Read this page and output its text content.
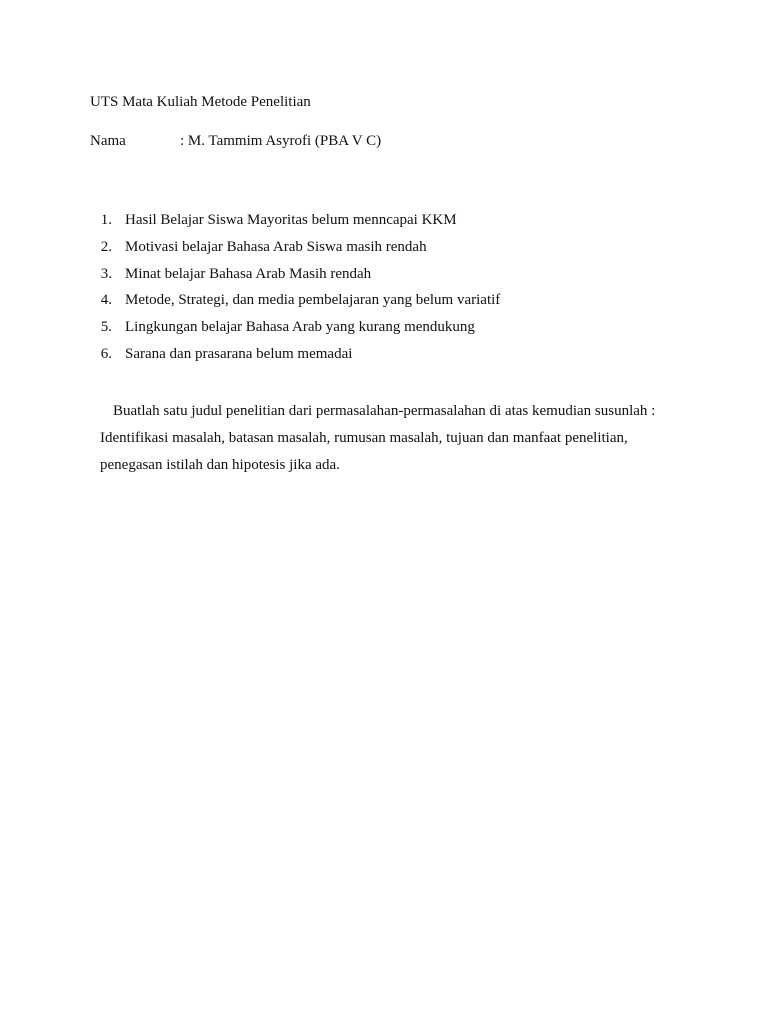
UTS Mata Kuliah Metode Penelitian
Nama	: M. Tammim Asyrofi (PBA V C)
1. Hasil Belajar Siswa Mayoritas belum menncapai KKM
2. Motivasi belajar Bahasa Arab Siswa masih rendah
3. Minat belajar Bahasa Arab Masih rendah
4. Metode, Strategi, dan media pembelajaran yang belum variatif
5. Lingkungan belajar Bahasa Arab yang kurang mendukung
6. Sarana dan prasarana belum memadai

Buatlah satu judul penelitian dari permasalahan-permasalahan di atas kemudian susunlah :
Identifikasi masalah, batasan masalah, rumusan masalah, tujuan dan manfaat penelitian,
penegasan istilah dan hipotesis jika ada.
